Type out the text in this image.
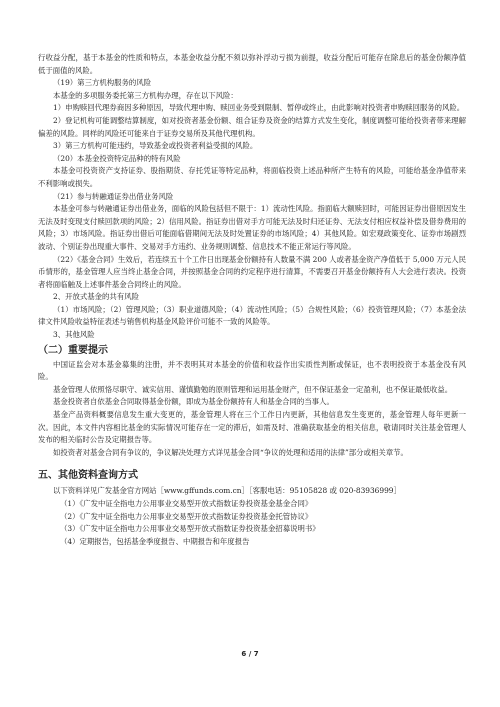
行收益分配，基于本基金的性质和特点，本基金收益分配不须以弥补浮动亏损为前提，收益分配后可能存在除息后的基金份额净值低于面值的风险。

（19）第三方机构服务的风险

本基金的多项服务委托第三方机构办理，存在以下风险：

1）申购赎回代理券商因多种原因，导致代理申购、赎回业务受到限制、暂停或终止，由此影响对投资者申购赎回服务的风险。

2）登记机构可能调整结算制度，如对投资者基金份额、组合证券及资金的结算方式发生变化，制度调整可能给投资者带来理解偏差的风险。同样的风险还可能来自于证券交易所及其他代理机构。

3）第三方机构可能违约，导致基金或投资者利益受损的风险。

（20）本基金投资特定品种的特有风险

本基金可投资资产支持证券、股指期货、存托凭证等特定品种，将面临投资上述品种所产生特有的风险，可能给基金净值带来不利影响或损失。

（21）参与转融通证券出借业务风险

本基金可参与转融通证券出借业务，面临的风险包括但不限于：1）流动性风险。指面临大额赎回时，可能因证券出借原因发生无法及时变现支付赎回款项的风险；2）信用风险。指证券出借对手方可能无法及时归还证券、无法支付相应权益补偿及借券费用的风险；3）市场风险。指证券出借后可能面临借期间无法及时处置证券的市场风险；4）其他风险。如宏观政策变化、证券市场剧烈波动、个别证券出现重大事件、交易对手方违约、业务规则调整、信息技术不能正常运行等风险。

（22）《基金合同》生效后，若连续五十个工作日出现基金份额持有人数量不满 200 人或者基金资产净值低于 5,000 万元人民币情形的，基金管理人应当终止基金合同，并按照基金合同的约定程序进行清算，不需要召开基金份额持有人大会进行表决。投资者将面临触及上述事件基金合同终止的风险。

2、开放式基金的共有风险

（1）市场风险；（2）管理风险；（3）职业道德风险；（4）流动性风险；（5）合规性风险；（6）投资管理风险；（7）本基金法律文件风险收益特征表述与销售机构基金风险评价可能不一致的风险等。

3、其他风险

（二）重要提示

中国证监会对本基金募集的注册，并不表明其对本基金的价值和收益作出实质性判断或保证，也不表明投资于本基金没有风险。

基金管理人依照恪尽职守、诚实信用、谨慎勤勉的原则管理和运用基金财产，但不保证基金一定盈利，也不保证最低收益。

基金投资者自依基金合同取得基金份额，即成为基金份额持有人和基金合同的当事人。

基金产品资料概要信息发生重大变更的，基金管理人将在三个工作日内更新，其他信息发生变更的，基金管理人每年更新一次。因此，本文件内容相比基金的实际情况可能存在一定的滞后，如需及时、准确获取基金的相关信息，敬请同时关注基金管理人发布的相关临时公告及定期报告等。

如投资者对基金合同有争议的，争议解决处理方式详见基金合同“争议的处理和适用的法律”部分或相关章节。

五、其他资料查询方式

以下资料详见广发基金官方网站［www.gffunds.com.cn］［客服电话：95105828 或 020-83936999］

（1）《广发中证全指电力公用事业交易型开放式指数证券投资基金基金合同》

（2）《广发中证全指电力公用事业交易型开放式指数证券投资基金托管协议》

（3）《广发中证全指电力公用事业交易型开放式指数证券投资基金招募说明书》

（4）定期报告，包括基金季度报告、中期报告和年度报告

6 / 7
